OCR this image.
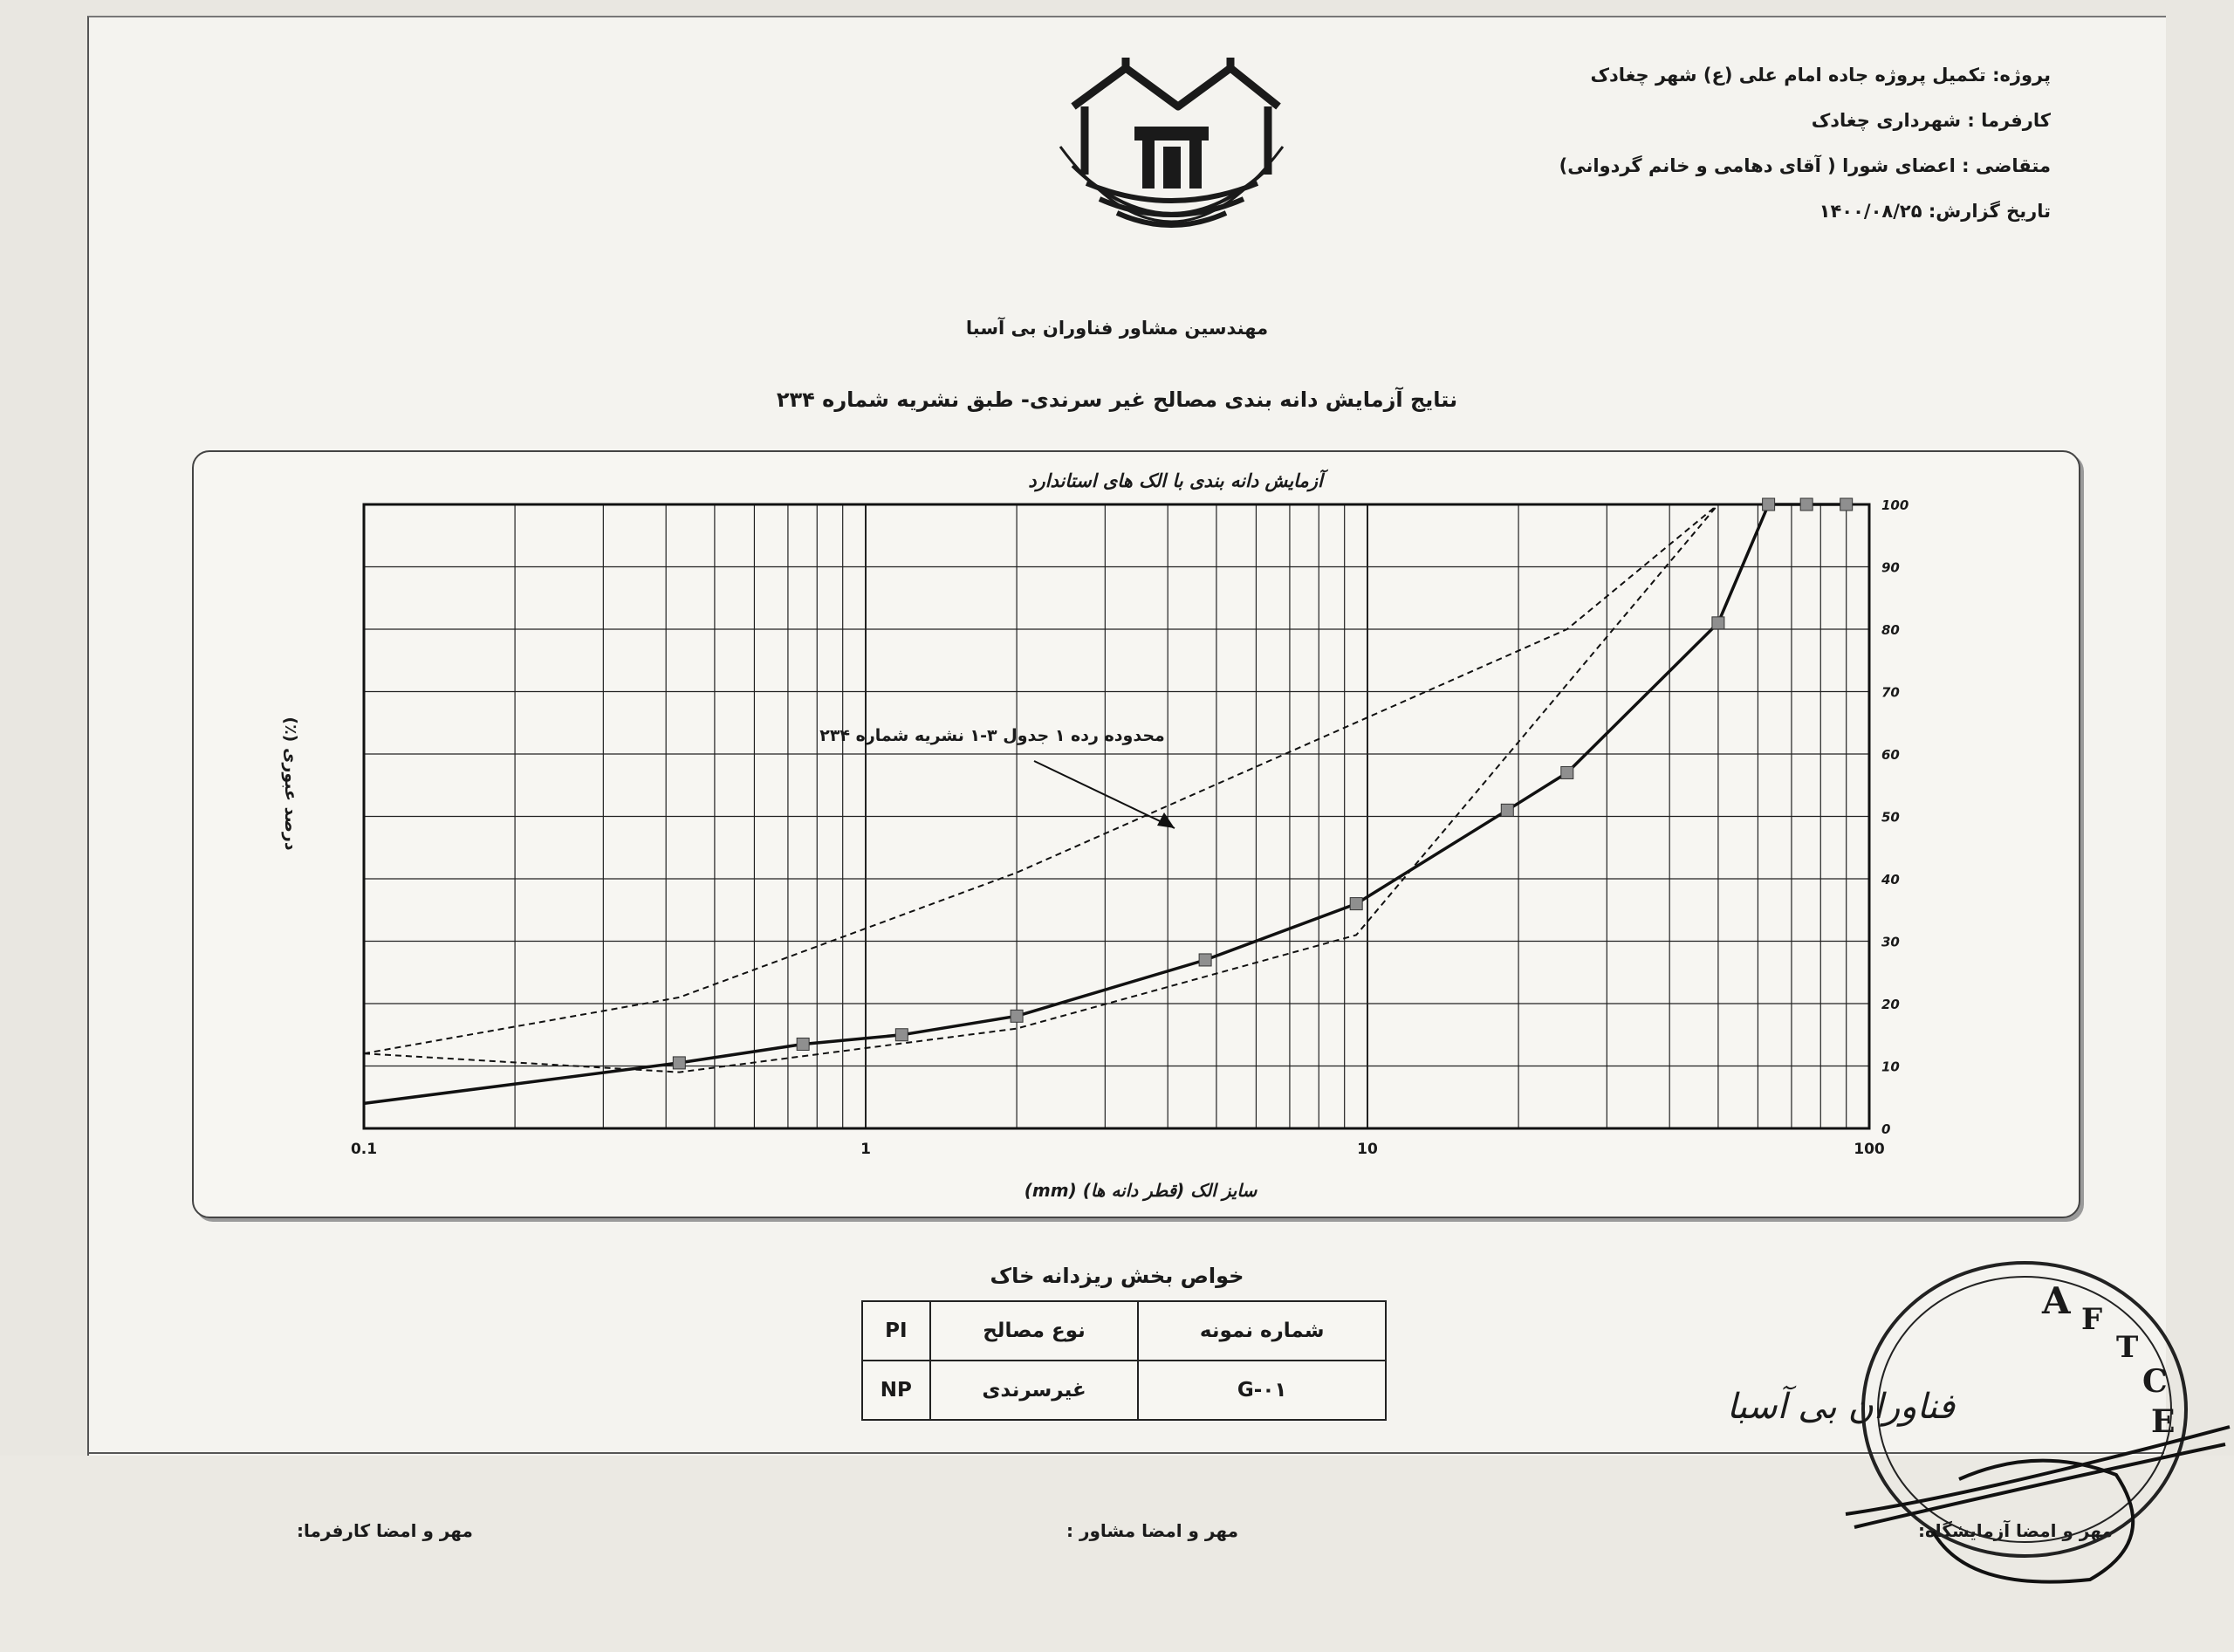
پروژه: تکمیل پروژه جاده امام علی (ع) شهر چغادک
کارفرما : شهرداری چغادک
متقاضی : اعضای شورا ( آقای دهامی و خانم گردوانی)
تاریخ گزارش: ۱۴۰۰/۰۸/۲۵
مهندسین مشاور فناوران بی آسبا
نتایج آزمایش دانه بندی مصالح غیر سرندی- طبق نشریه شماره ۲۳۴
آزمایش دانه بندی با الک های استاندارد
0
10
20
30
40
50
60
70
80
90
100
0.1	1	10	100
محدوده رده ۱ جدول ۳-۱ نشریه شماره ۲۳۴
سایز الک (قطر دانه ها) (mm)
درصد عبوری (٪)
خواص بخش ریزدانه خاک
شماره نمونه	نوع مصالح	PI
G-۰۱	غیرسرندی	NP
مهر و امضا کارفرما:	مهر و امضا مشاور :	مهر و امضا آزمایشگاه:
A F
T
C
E
فناوران بی آسبا
